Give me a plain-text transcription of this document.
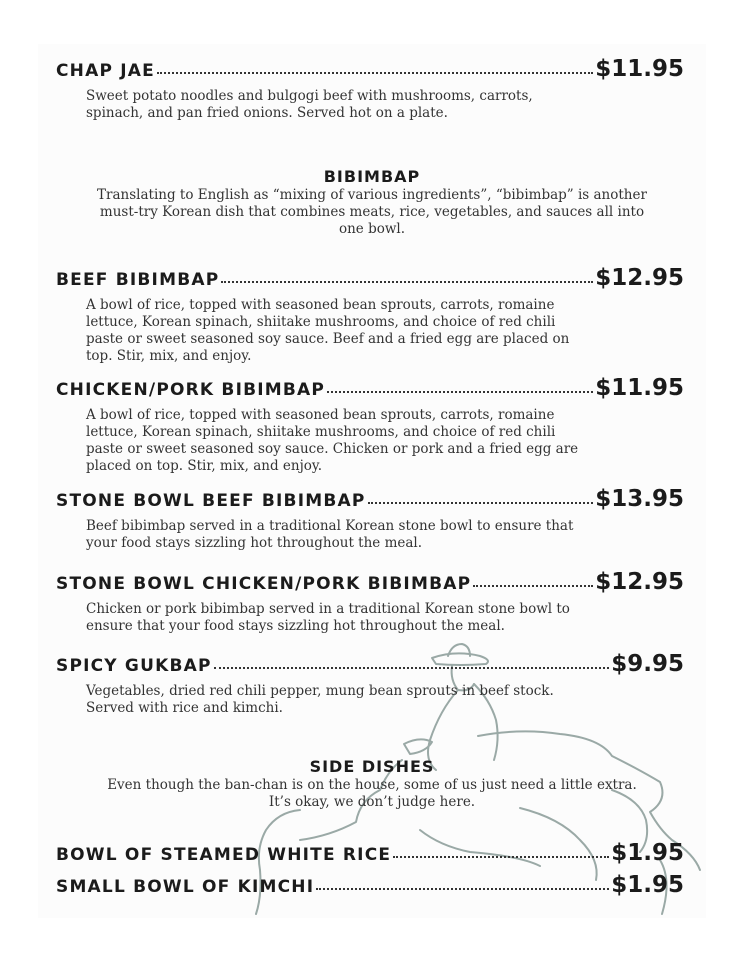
CHAP JAE	$11.95
Sweet potato noodles and bulgogi beef with mushrooms, carrots, spinach, and pan fried onions. Served hot on a plate.
BIBIMBAP
Translating to English as “mixing of various ingredients”, “bibimbap” is another must-try Korean dish that combines meats, rice, vegetables, and sauces all into one bowl.
BEEF BIBIMBAP	$12.95
A bowl of rice, topped with seasoned bean sprouts, carrots, romaine lettuce, Korean spinach, shiitake mushrooms, and choice of red chili paste or sweet seasoned soy sauce. Beef and a fried egg are placed on top. Stir, mix, and enjoy.
CHICKEN/PORK BIBIMBAP	$11.95
A bowl of rice, topped with seasoned bean sprouts, carrots, romaine lettuce, Korean spinach, shiitake mushrooms, and choice of red chili paste or sweet seasoned soy sauce. Chicken or pork and a fried egg are placed on top. Stir, mix, and enjoy.
STONE BOWL BEEF BIBIMBAP	$13.95
Beef bibimbap served in a traditional Korean stone bowl to ensure that your food stays sizzling hot throughout the meal.
STONE BOWL CHICKEN/PORK BIBIMBAP	$12.95
Chicken or pork bibimbap served in a traditional Korean stone bowl to ensure that your food stays sizzling hot throughout the meal.
SPICY GUKBAP	$9.95
Vegetables, dried red chili pepper, mung bean sprouts in beef stock. Served with rice and kimchi.
SIDE DISHES
Even though the ban-chan is on the house, some of us just need a little extra. It’s okay, we don’t judge here.
BOWL OF STEAMED WHITE RICE	$1.95
SMALL BOWL OF KIMCHI	$1.95
